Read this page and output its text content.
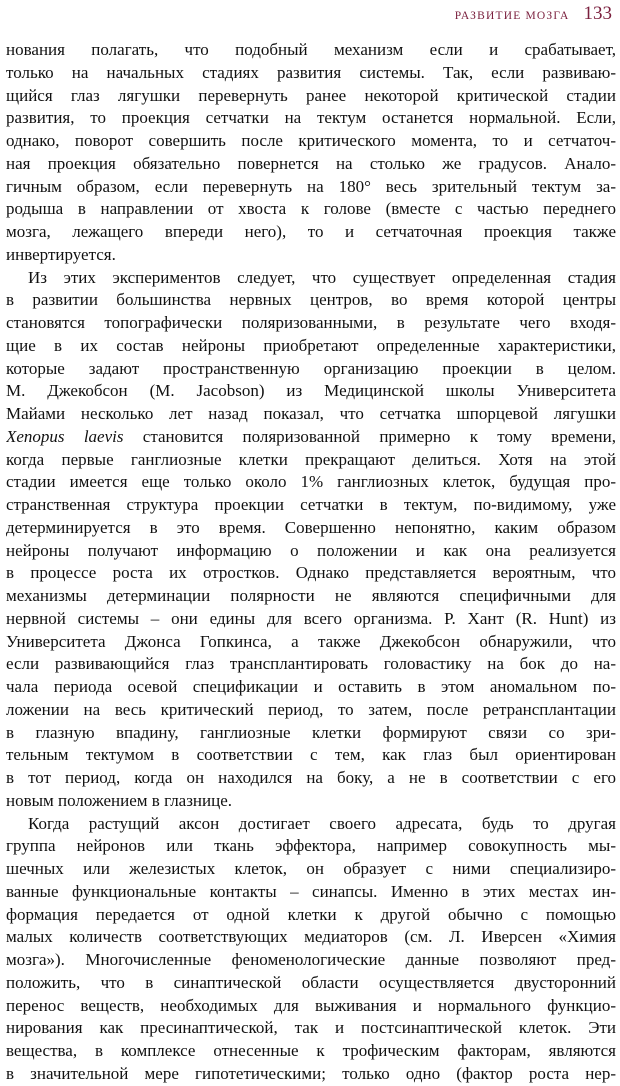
РАЗВИТИЕ МОЗГА 133
нования полагать, что подобный механизм если и срабатывает,
только на начальных стадиях развития системы. Так, если развиваю-
щийся глаз лягушки перевернуть ранее некоторой критической стадии
развития, то проекция сетчатки на тектум останется нормальной. Если,
однако, поворот совершить после критического момента, то и сетчаточ-
ная проекция обязательно повернется на столько же градусов. Анало-
гичным образом, если перевернуть на 180° весь зрительный тектум за-
родыша в направлении от хвоста к голове (вместе с частью переднего
мозга, лежащего впереди него), то и сетчаточная проекция также
инвертируется.
Из этих экспериментов следует, что существует определенная стадия
в развитии большинства нервных центров, во время которой центры
становятся топографически поляризованными, в результате чего входя-
щие в их состав нейроны приобретают определенные характеристики,
которые задают пространственную организацию проекции в целом.
М. Джекобсон (M. Jacobson) из Медицинской школы Университета
Майами несколько лет назад показал, что сетчатка шпорцевой лягушки
Xenopus laevis становится поляризованной примерно к тому времени,
когда первые ганглиозные клетки прекращают делиться. Хотя на этой
стадии имеется еще только около 1% ганглиозных клеток, будущая про-
странственная структура проекции сетчатки в тектум, по-видимому, уже
детерминируется в это время. Совершенно непонятно, каким образом
нейроны получают информацию о положении и как она реализуется
в процессе роста их отростков. Однако представляется вероятным, что
механизмы детерминации полярности не являются специфичными для
нервной системы – они едины для всего организма. Р. Хант (R. Hunt) из
Университета Джонса Гопкинса, а также Джекобсон обнаружили, что
если развивающийся глаз трансплантировать головастику на бок до на-
чала периода осевой спецификации и оставить в этом аномальном по-
ложении на весь критический период, то затем, после ретрансплантации
в глазную впадину, ганглиозные клетки формируют связи со зри-
тельным тектумом в соответствии с тем, как глаз был ориентирован
в тот период, когда он находился на боку, а не в соответствии с его
новым положением в глазнице.
Когда растущий аксон достигает своего адресата, будь то другая
группа нейронов или ткань эффектора, например совокупность мы-
шечных или железистых клеток, он образует с ними специализиро-
ванные функциональные контакты – синапсы. Именно в этих местах ин-
формация передается от одной клетки к другой обычно с помощью
малых количеств соответствующих медиаторов (см. Л. Иверсен «Химия
мозга»). Многочисленные феноменологические данные позволяют пред-
положить, что в синаптической области осуществляется двусторонний
перенос веществ, необходимых для выживания и нормального функцио-
нирования как пресинаптической, так и постсинаптической клеток. Эти
вещества, в комплексе отнесенные к трофическим факторам, являются
в значительной мере гипотетическими; только одно (фактор роста нер-
